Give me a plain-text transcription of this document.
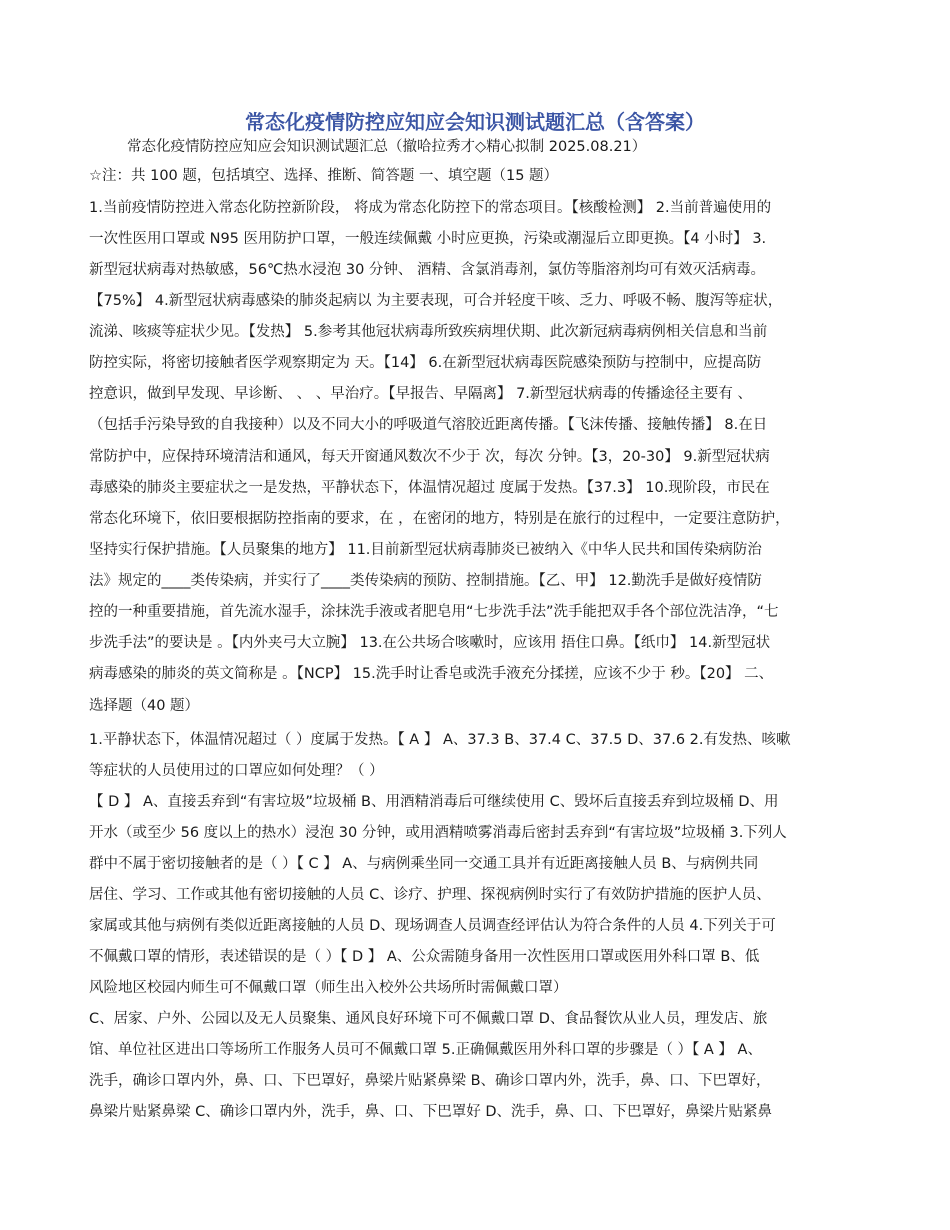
常态化疫情防控应知应会知识测试题汇总（含答案）
常态化疫情防控应知应会知识测试题汇总（撤哈拉秀才◇精心拟制 2025.08.21）
☆注：共 100 题，包括填空、选择、推断、简答题 一、填空题（15 题）
1.当前疫情防控进入常态化防控新阶段， 将成为常态化防控下的常态项目。【核酸检测】 2.当前普遍使用的
一次性医用口罩或 N95 医用防护口罩，一般连续佩戴 小时应更换，污染或潮湿后立即更换。【4 小时】 3.
新型冠状病毒对热敏感，56℃热水浸泡 30 分钟、 酒精、含氯消毒剂，氯仿等脂溶剂均可有效灭活病毒。
【75%】 4.新型冠状病毒感染的肺炎起病以 为主要表现，可合并轻度干咳、乏力、呼吸不畅、腹泻等症状，
流涕、咳痰等症状少见。【发热】 5.参考其他冠状病毒所致疾病埋伏期、此次新冠病毒病例相关信息和当前
防控实际，将密切接触者医学观察期定为 天。【14】 6.在新型冠状病毒医院感染预防与控制中，应提高防
控意识，做到早发现、早诊断、 、 、早治疗。【早报告、早隔离】 7.新型冠状病毒的传播途径主要有 、
（包括手污染导致的自我接种）以及不同大小的呼吸道气溶胶近距离传播。【飞沫传播、接触传播】 8.在日
常防护中，应保持环境清洁和通风，每天开窗通风数次不少于 次，每次 分钟。【3，20-30】 9.新型冠状病
毒感染的肺炎主要症状之一是发热，平静状态下，体温情况超过 度属于发热。【37.3】 10.现阶段，市民在
常态化环境下，依旧要根据防控指南的要求，在 ，在密闭的地方，特别是在旅行的过程中，一定要注意防护，
坚持实行保护措施。【人员聚集的地方】 11.目前新型冠状病毒肺炎已被纳入《中华人民共和国传染病防治
法》规定的____类传染病，并实行了____类传染病的预防、控制措施。【乙、甲】 12.勤洗手是做好疫情防
控的一种重要措施，首先流水湿手，涂抹洗手液或者肥皂用“七步洗手法”洗手能把双手各个部位洗洁净，“七
步洗手法”的要诀是 。【内外夹弓大立腕】 13.在公共场合咳嗽时，应该用 捂住口鼻。【纸巾】 14.新型冠状
病毒感染的肺炎的英文简称是 。【NCP】 15.洗手时让香皂或洗手液充分揉搓，应该不少于 秒。【20】 二、
选择题（40 题）
1.平静状态下，体温情况超过（ ）度属于发热。【 A 】 A、37.3 B、37.4 C、37.5 D、37.6 2.有发热、咳嗽
等症状的人员使用过的口罩应如何处理？（ ）
【 D 】 A、直接丢弃到“有害垃圾”垃圾桶 B、用酒精消毒后可继续使用 C、毁坏后直接丢弃到垃圾桶 D、用
开水（或至少 56 度以上的热水）浸泡 30 分钟，或用酒精喷雾消毒后密封丢弃到“有害垃圾”垃圾桶 3.下列人
群中不属于密切接触者的是（ ）【 C 】 A、与病例乘坐同一交通工具并有近距离接触人员 B、与病例共同
居住、学习、工作或其他有密切接触的人员 C、诊疗、护理、探视病例时实行了有效防护措施的医护人员、
家属或其他与病例有类似近距离接触的人员 D、现场调查人员调查经评估认为符合条件的人员 4.下列关于可
不佩戴口罩的情形，表述错误的是（ ）【 D 】 A、公众需随身备用一次性医用口罩或医用外科口罩 B、低
风险地区校园内师生可不佩戴口罩（师生出入校外公共场所时需佩戴口罩）
C、居家、户外、公园以及无人员聚集、通风良好环境下可不佩戴口罩 D、食品餐饮从业人员，理发店、旅
馆、单位社区进出口等场所工作服务人员可不佩戴口罩 5.正确佩戴医用外科口罩的步骤是（ ）【 A 】 A、
洗手，确诊口罩内外，鼻、口、下巴罩好，鼻梁片贴紧鼻梁 B、确诊口罩内外，洗手，鼻、口、下巴罩好，
鼻梁片贴紧鼻梁 C、确诊口罩内外，洗手，鼻、口、下巴罩好 D、洗手，鼻、口、下巴罩好，鼻梁片贴紧鼻
